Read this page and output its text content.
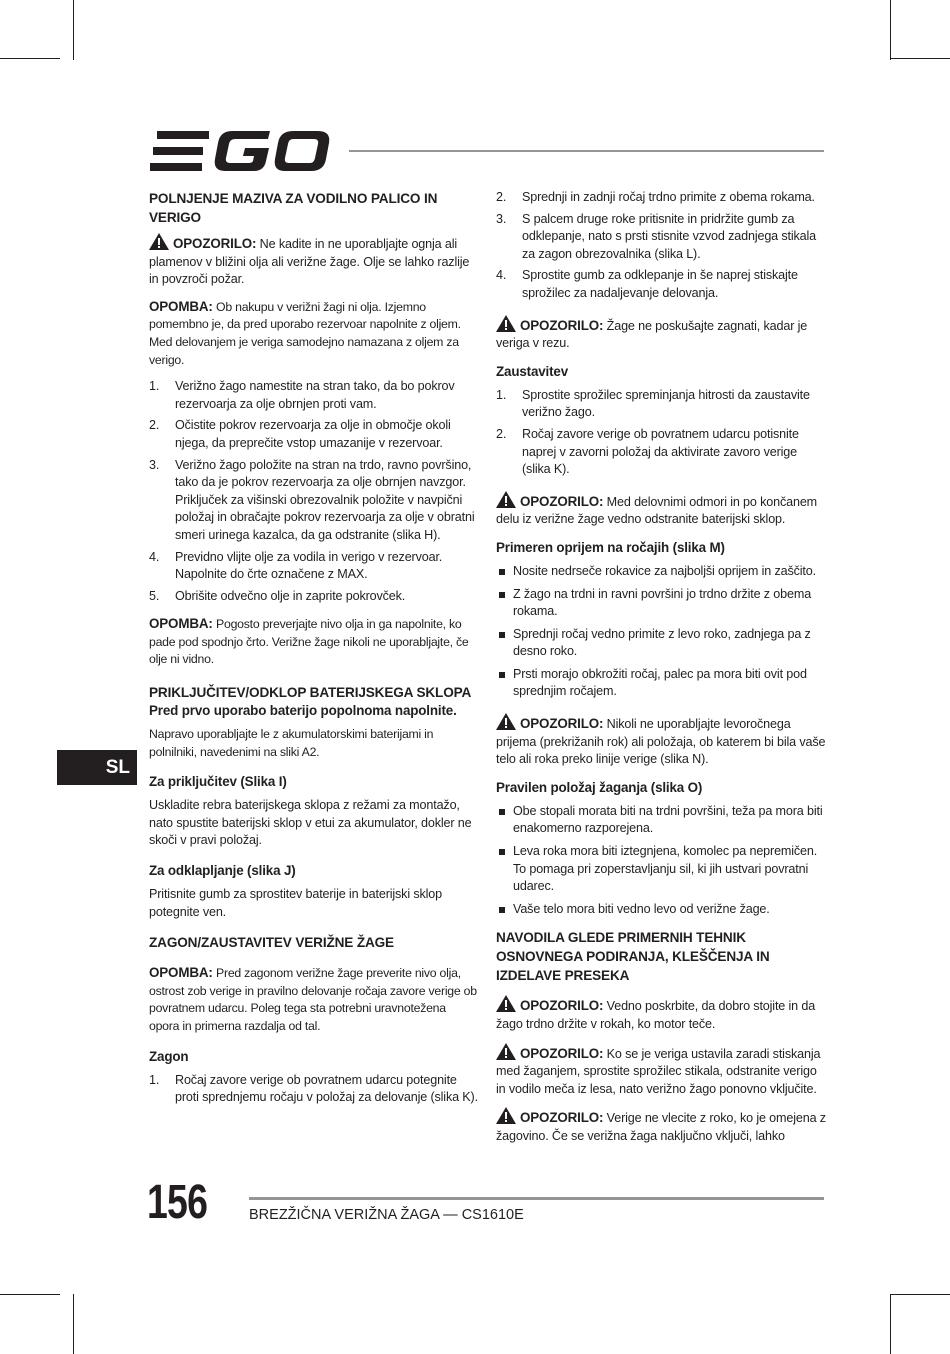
SL
POLNJENJE MAZIVA ZA VODILNO PALICO IN VERIGO

OPOZORILO: Ne kadite in ne uporabljajte ognja ali plamenov v bližini olja ali verižne žage. Olje se lahko razlije in povzroči požar.

OPOMBA: Ob nakupu v verižni žagi ni olja. Izjemno pomembno je, da pred uporabo rezervoar napolnite z oljem. Med delovanjem je veriga samodejno namazana z oljem za verigo.

1. Verižno žago namestite na stran tako, da bo pokrov rezervoarja za olje obrnjen proti vam.
2. Očistite pokrov rezervoarja za olje in območje okoli njega, da preprečite vstop umazanije v rezervoar.
3. Verižno žago položite na stran na trdo, ravno površino, tako da je pokrov rezervoarja za olje obrnjen navzgor. Priključek za višinski obrezovalnik položite v navpični položaj in obračajte pokrov rezervoarja za olje v obratni smeri urinega kazalca, da ga odstranite (slika H).
4. Previdno vlijte olje za vodila in verigo v rezervoar. Napolnite do črte označene z MAX.
5. Obrišite odvečno olje in zaprite pokrovček.

OPOMBA: Pogosto preverjajte nivo olja in ga napolnite, ko pade pod spodnjo črto. Verižne žage nikoli ne uporabljajte, če olje ni vidno.

PRIKLJUČITEV/ODKLOP BATERIJSKEGA SKLOPA
Pred prvo uporabo baterijo popolnoma napolnite.

Napravo uporabljajte le z akumulatorskimi baterijami in polnilniki, navedenimi na sliki A2.

Za priključitev (Slika I)

Uskladite rebra baterijskega sklopa z režami za montažo, nato spustite baterijski sklop v etui za akumulator, dokler ne skoči v pravi položaj.

Za odklapljanje (slika J)

Pritisnite gumb za sprostitev baterije in baterijski sklop potegnite ven.

ZAGON/ZAUSTAVITEV VERIŽNE ŽAGE

OPOMBA: Pred zagonom verižne žage preverite nivo olja, ostrost zob verige in pravilno delovanje ročaja zavore verige ob povratnem udarcu. Poleg tega sta potrebni uravnotežena opora in primerna razdalja od tal.

Zagon
1. Ročaj zavore verige ob povratnem udarcu potegnite proti sprednjemu ročaju v položaj za delovanje (slika K).
2. Sprednji in zadnji ročaj trdno primite z obema rokama.
3. S palcem druge roke pritisnite in pridržite gumb za odklepanje, nato s prsti stisnite vzvod zadnjega stikala za zagon obrezovalnika (slika L).
4. Sprostite gumb za odklepanje in še naprej stiskajte sprožilec za nadaljevanje delovanja.

OPOZORILO: Žage ne poskušajte zagnati, kadar je veriga v rezu.

Zaustavitev
1. Sprostite sprožilec spreminjanja hitrosti da zaustavite verižno žago.
2. Ročaj zavore verige ob povratnem udarcu potisnite naprej v zavorni položaj da aktivirate zavoro verige (slika K).

OPOZORILO: Med delovnimi odmori in po končanem delu iz verižne žage vedno odstranite baterijski sklop.

Primeren oprijem na ročajih (slika M)
Nosite nedrseče rokavice za najboljši oprijem in zaščito.
Z žago na trdni in ravni površini jo trdno držite z obema rokama.
Sprednji ročaj vedno primite z levo roko, zadnjega pa z desno roko.
Prsti morajo obkrožiti ročaj, palec pa mora biti ovit pod sprednjim ročajem.

OPOZORILO: Nikoli ne uporabljajte levoročnega prijema (prekrižanih rok) ali položaja, ob katerem bi bila vaše telo ali roka preko linije verige (slika N).

Pravilen položaj žaganja (slika O)
Obe stopali morata biti na trdni površini, teža pa mora biti enakomerno razporejena.
Leva roka mora biti iztegnjena, komolec pa nepremičen. To pomaga pri zoperstavljanju sil, ki jih ustvari povratni udarec.
Vaše telo mora biti vedno levo od verižne žage.
NAVODILA GLEDE PRIMERNIH TEHNIK OSNOVNEGA PODIRANJA, KLEŠČENJA IN IZDELAVE PRESEKA

OPOZORILO: Vedno poskrbite, da dobro stojite in da žago trdno držite v rokah, ko motor teče.

OPOZORILO: Ko se je veriga ustavila zaradi stiskanja med žaganjem, sprostite sprožilec stikala, odstranite verigo in vodilo meča iz lesa, nato verižno žago ponovno vključite.

OPOZORILO: Verige ne vlecite z roko, ko je omejena z žagovino. Če se verižna žaga naključno vključi, lahko

156	BREZŽIČNA VERIŽNA ŽAGA — CS1610E
